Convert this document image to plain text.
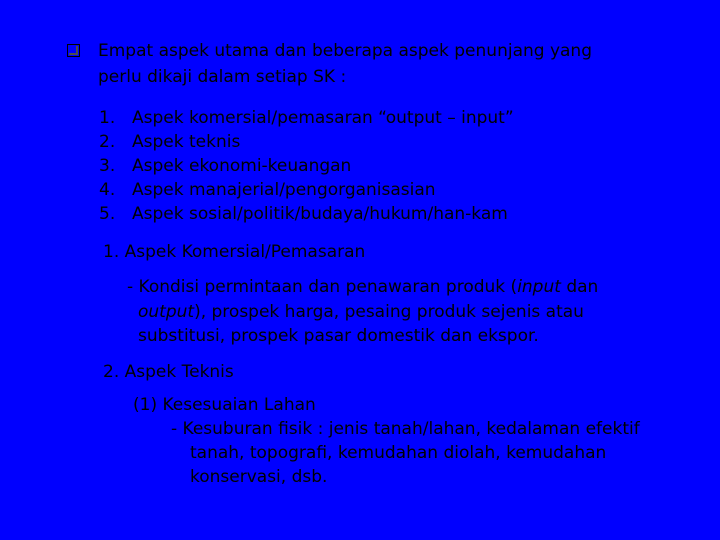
Empat aspek utama dan beberapa aspek penunjang yang
perlu dikaji dalam setiap SK :
1. Aspek komersial/pemasaran “output – input”
2. Aspek teknis
3. Aspek ekonomi-keuangan
4. Aspek manajerial/pengorganisasian
5. Aspek sosial/politik/budaya/hukum/han-kam
1. Aspek Komersial/Pemasaran
- Kondisi permintaan dan penawaran produk (input dan
output), prospek harga, pesaing produk sejenis atau
substitusi, prospek pasar domestik dan ekspor.
2. Aspek Teknis
(1) Kesesuaian Lahan
- Kesuburan fisik : jenis tanah/lahan, kedalaman efektif
tanah, topografi, kemudahan diolah, kemudahan
konservasi, dsb.
